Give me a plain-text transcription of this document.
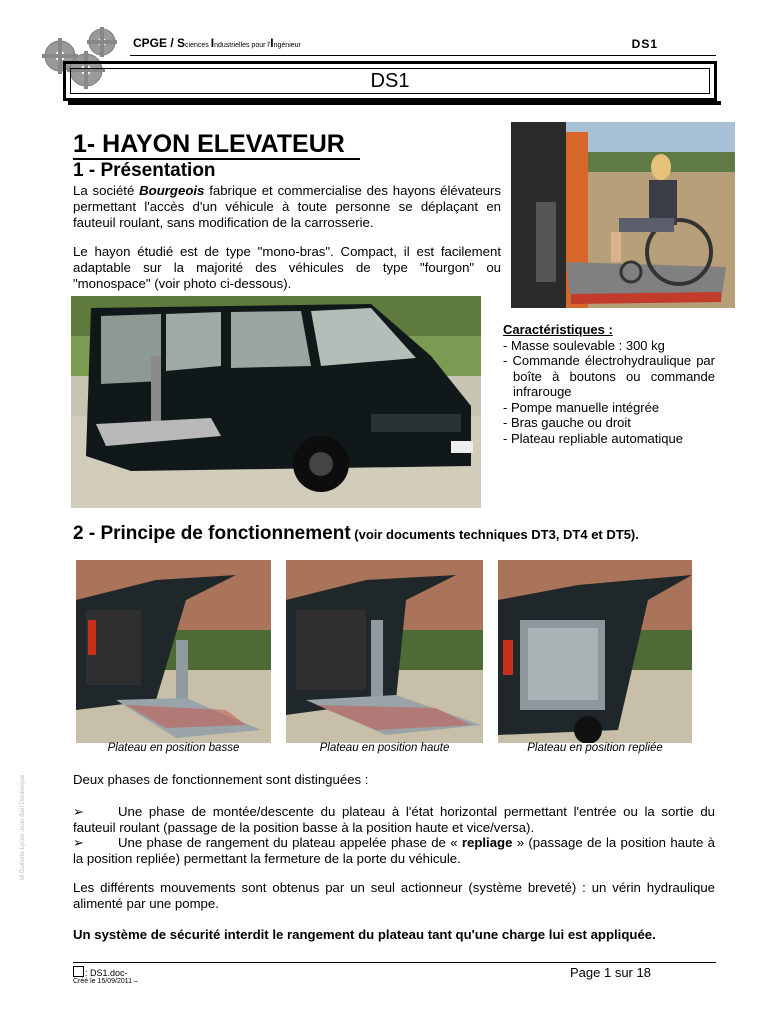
CPGE / Sciences Industrielles pour l'Ingénieur	DS1
DS1
1- HAYON ELEVATEUR
1 - Présentation
La société Bourgeois fabrique et commercialise des hayons élévateurs permettant l'accès d'un véhicule à toute personne se déplaçant en fauteuil roulant, sans modification de la carrosserie.
Le hayon étudié est de type "mono-bras". Compact, il est facilement adaptable sur la majorité des véhicules de type "fourgon" ou "monospace" (voir photo ci-dessous).
Caractéristiques :
- Masse soulevable : 300 kg
- Commande électrohydraulique par boîte à boutons ou commande infrarouge
- Pompe manuelle intégrée
- Bras gauche ou droit
- Plateau repliable automatique
2 - Principe de fonctionnement (voir documents techniques DT3, DT4 et DT5).
Plateau en position basse	Plateau en position haute	Plateau en position repliée
Deux phases de fonctionnement sont distinguées :
➢	Une phase de montée/descente du plateau à l'état horizontal permettant l'entrée ou la sortie du fauteuil roulant (passage de la position basse à la position haute et vice/versa).
➢	Une phase de rangement du plateau appelée phase de « repliage » (passage de la position haute à la position repliée) permettant la fermeture de la porte du véhicule.
Les différents mouvements sont obtenus par un seul actionneur (système breveté) : un vérin hydraulique alimenté par une pompe.
Un système de sécurité interdit le rangement du plateau tant qu'une charge lui est appliquée.
: DS1.doc-
Créé le 15/09/2011 –
Page 1 sur 18
M.Guillotte-Lycée Jean-Bart Dunkerque
